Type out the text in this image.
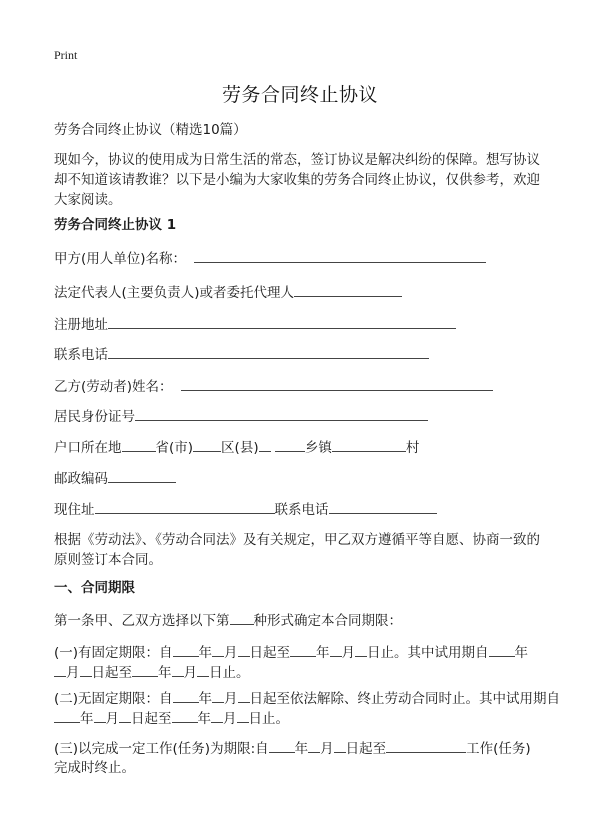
Print
劳务合同终止协议
劳务合同终止协议（精选10篇）
现如今，协议的使用成为日常生活的常态，签订协议是解决纠纷的保障。想写协议却不知道该请教谁？以下是小编为大家收集的劳务合同终止协议，仅供参考，欢迎大家阅读。
劳务合同终止协议 1
甲方(用人单位)名称：
法定代表人(主要负责人)或者委托代理人
注册地址
联系电话
乙方(劳动者)姓名：
居民身份证号
户口所在地	省(市) 区(县)	乡镇	村
邮政编码
现住址	联系电话
根据《劳动法》、《劳动合同法》及有关规定，甲乙双方遵循平等自愿、协商一致的原则签订本合同。
一、合同期限
第一条甲、乙双方选择以下第 种形式确定本合同期限：
(一)有固定期限：自 年 月 日起至 年 月 日止。其中试用期自 年
月 日起至 年 月 日止。
(二)无固定期限：自 年 月 日起至依法解除、终止劳动合同时止。其中试用期自
年 月 日起至 年 月 日止。
(三)以完成一定工作(任务)为期限:自 年 月 日起至	工作(任务)
完成时终止。
